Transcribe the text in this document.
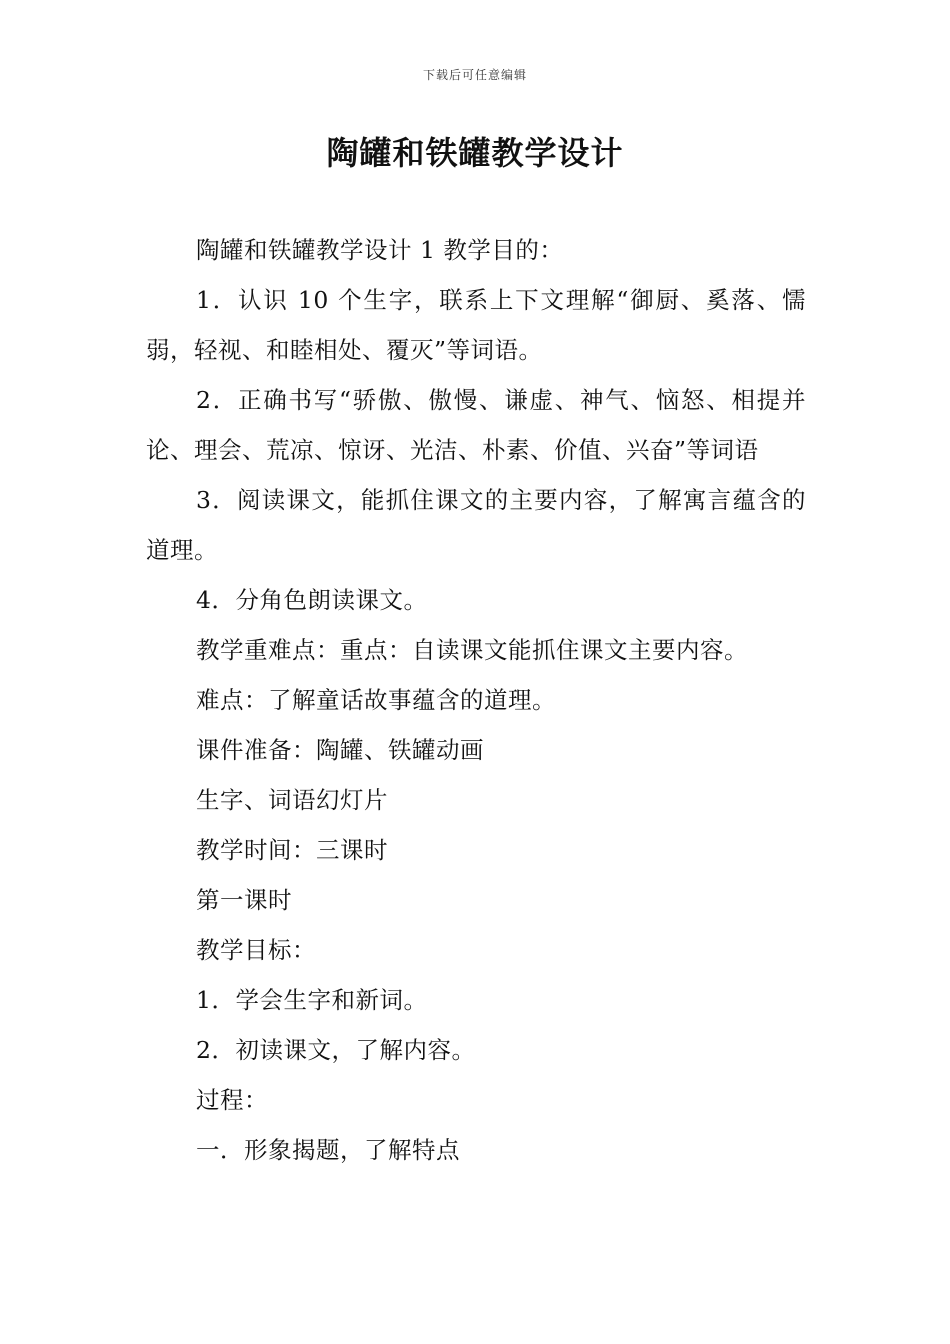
下载后可任意编辑
陶罐和铁罐教学设计

陶罐和铁罐教学设计 1 教学目的：

1．认识 10 个生字，联系上下文理解“御厨、奚落、懦弱，轻视、和睦相处、覆灭”等词语。

2．正确书写“骄傲、傲慢、谦虚、神气、恼怒、相提并论、理会、荒凉、惊讶、光洁、朴素、价值、兴奋”等词语

3．阅读课文，能抓住课文的主要内容，了解寓言蕴含的道理。

4．分角色朗读课文。

教学重难点：重点：自读课文能抓住课文主要内容。

难点：了解童话故事蕴含的道理。

课件准备：陶罐、铁罐动画

生字、词语幻灯片

教学时间：三课时

第一课时

教学目标：

1．学会生字和新词。

2．初读课文，了解内容。

过程：

一．形象揭题，了解特点
